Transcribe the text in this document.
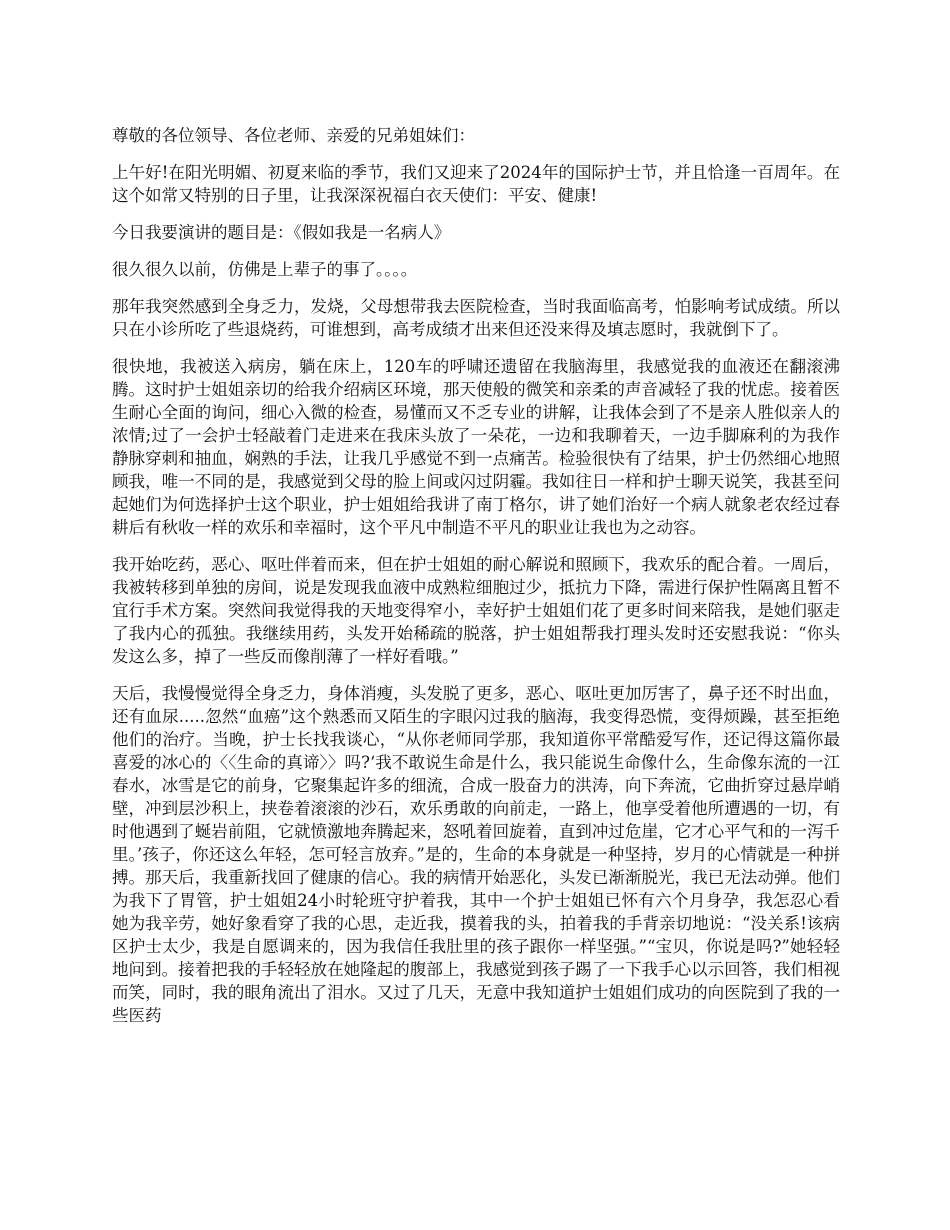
尊敬的各位领导、各位老师、亲爱的兄弟姐妹们：

上午好!在阳光明媚、初夏来临的季节，我们又迎来了2024年的国际护士节，并且恰逢一百周年。在这个如常又特别的日子里，让我深深祝福白衣天使们：平安、健康!

今日我要演讲的题目是：《假如我是一名病人》

很久很久以前，仿佛是上辈子的事了。。。。

那年我突然感到全身乏力，发烧，父母想带我去医院检查，当时我面临高考，怕影响考试成绩。所以只在小诊所吃了些退烧药，可谁想到，高考成绩才出来但还没来得及填志愿时，我就倒下了。

很快地，我被送入病房，躺在床上，120车的呼啸还遗留在我脑海里，我感觉我的血液还在翻滚沸腾。这时护士姐姐亲切的给我介绍病区环境，那天使般的微笑和亲柔的声音减轻了我的忧虑。接着医生耐心全面的询问，细心入微的检查，易懂而又不乏专业的讲解，让我体会到了不是亲人胜似亲人的浓情;过了一会护士轻敲着门走进来在我床头放了一朵花，一边和我聊着天，一边手脚麻利的为我作静脉穿刺和抽血，娴熟的手法，让我几乎感觉不到一点痛苦。检验很快有了结果，护士仍然细心地照顾我，唯一不同的是，我感觉到父母的脸上间或闪过阴霾。我如往日一样和护士聊天说笑，我甚至问起她们为何选择护士这个职业，护士姐姐给我讲了南丁格尔，讲了她们治好一个病人就象老农经过春耕后有秋收一样的欢乐和幸福时，这个平凡中制造不平凡的职业让我也为之动容。

我开始吃药，恶心、呕吐伴着而来，但在护士姐姐的耐心解说和照顾下，我欢乐的配合着。一周后，我被转移到单独的房间，说是发现我血液中成熟粒细胞过少，抵抗力下降，需进行保护性隔离且暂不宜行手术方案。突然间我觉得我的天地变得窄小，幸好护士姐姐们花了更多时间来陪我，是她们驱走了我内心的孤独。我继续用药，头发开始稀疏的脱落，护士姐姐帮我打理头发时还安慰我说：“你头发这么多，掉了一些反而像削薄了一样好看哦。”

天后，我慢慢觉得全身乏力，身体消瘦，头发脱了更多，恶心、呕吐更加厉害了，鼻子还不时出血，还有血尿.....忽然“血癌”这个熟悉而又陌生的字眼闪过我的脑海，我变得恐慌，变得烦躁，甚至拒绝他们的治疗。当晚，护士长找我谈心，“从你老师同学那，我知道你平常酷爱写作，还记得这篇你最喜爱的冰心的〈〈生命的真谛〉〉吗?‘我不敢说生命是什么，我只能说生命像什么，生命像东流的一江春水，冰雪是它的前身，它聚集起许多的细流，合成一股奋力的洪涛，向下奔流，它曲折穿过悬岸峭壁，冲到层沙积上，挟卷着滚滚的沙石，欢乐勇敢的向前走，一路上，他享受着他所遭遇的一切，有时他遇到了蜒岩前阻，它就愤激地奔腾起来，怒吼着回旋着，直到冲过危崖，它才心平气和的一泻千里。’孩子，你还这么年轻，怎可轻言放弃。”是的，生命的本身就是一种坚持，岁月的心情就是一种拼搏。那天后，我重新找回了健康的信心。我的病情开始恶化，头发已渐渐脱光，我已无法动弹。他们为我下了胃管，护士姐姐24小时轮班守护着我，其中一个护士姐姐已怀有六个月身孕，我怎忍心看她为我辛劳，她好象看穿了我的心思，走近我，摸着我的头，拍着我的手背亲切地说：“没关系!该病区护士太少，我是自愿调来的，因为我信任我肚里的孩子跟你一样坚强。”“宝贝，你说是吗?”她轻轻地问到。接着把我的手轻轻放在她隆起的腹部上，我感觉到孩子踢了一下我手心以示回答，我们相视而笑，同时，我的眼角流出了泪水。又过了几天，无意中我知道护士姐姐们成功的向医院到了我的一些医药
